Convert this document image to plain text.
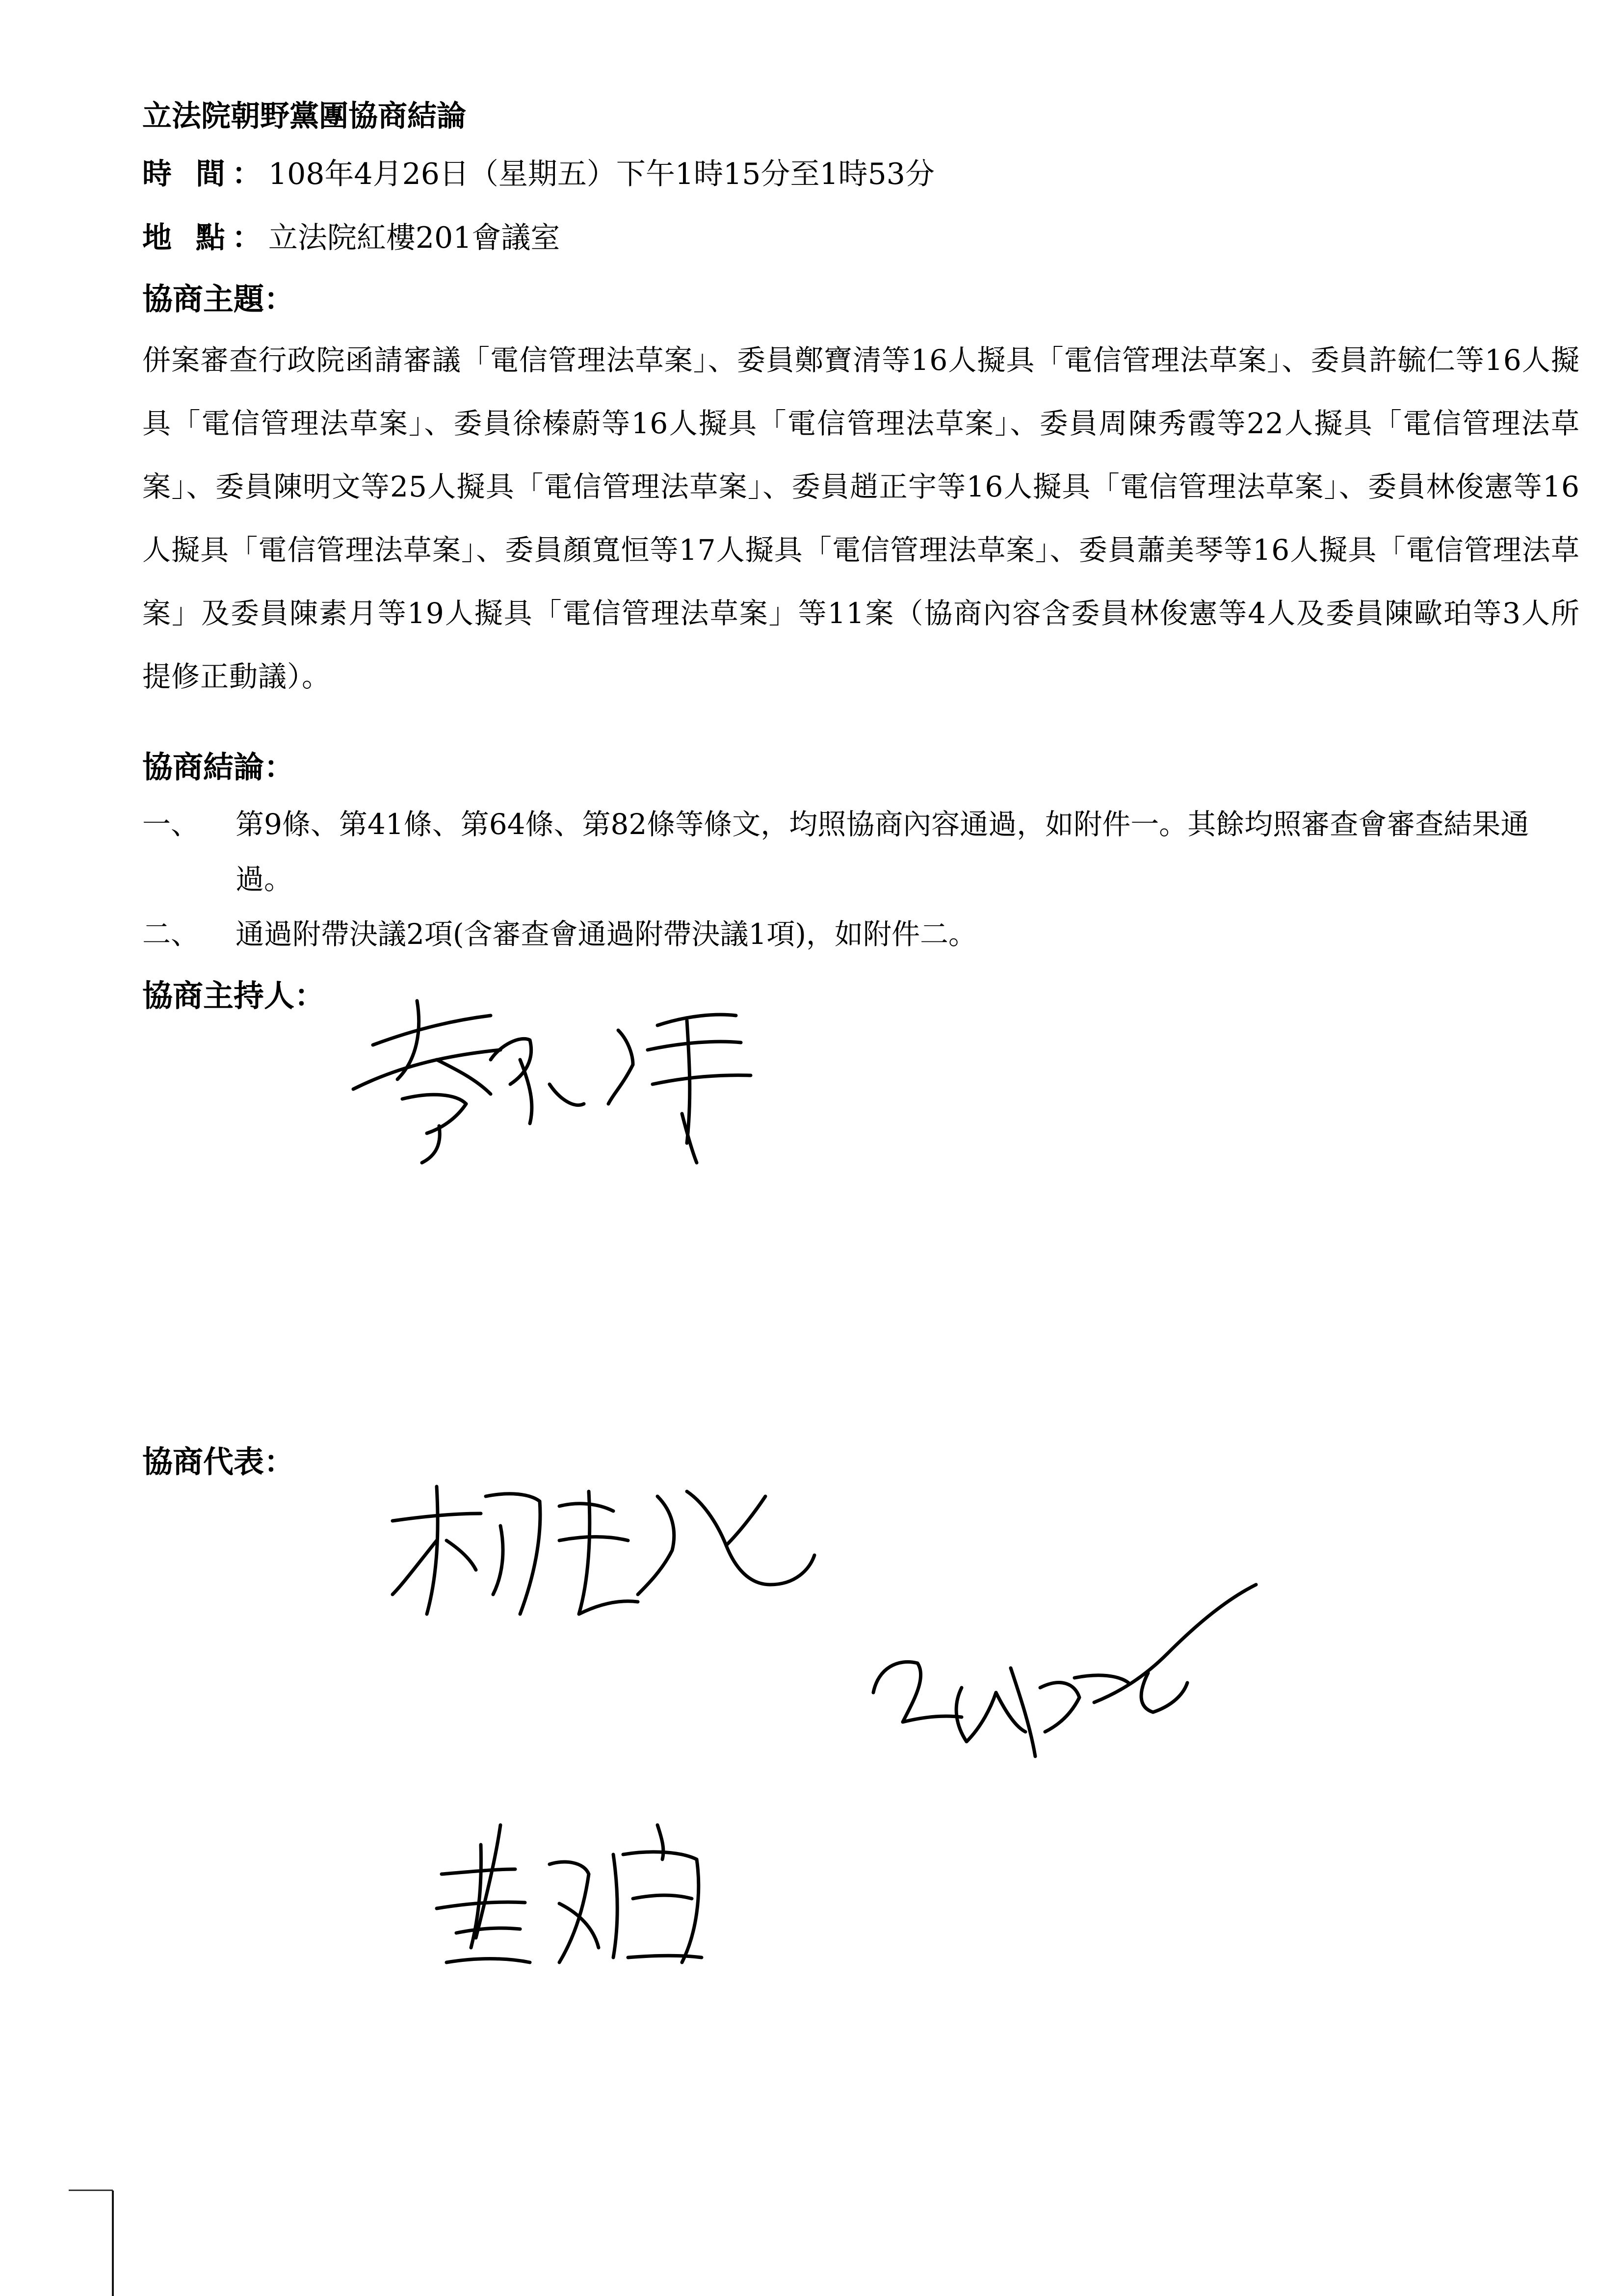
立法院朝野黨團協商結論
時 間：108年4月26日（星期五）下午1時15分至1時53分
地 點：立法院紅樓201會議室
協商主題：

併案審查行政院函請審議「電信管理法草案」、委員鄭寶清等16人擬具「電信管理法草案」、委員許毓仁等16人擬具「電信管理法草案」、委員徐榛蔚等16人擬具「電信管理法草案」、委員周陳秀霞等22人擬具「電信管理法草案」、委員陳明文等25人擬具「電信管理法草案」、委員趙正宇等16人擬具「電信管理法草案」、委員林俊憲等16人擬具「電信管理法草案」、委員顏寬恒等17人擬具「電信管理法草案」、委員蕭美琴等16人擬具「電信管理法草案」及委員陳素月等19人擬具「電信管理法草案」等11案（協商內容含委員林俊憲等4人及委員陳歐珀等3人所提修正動議）。

協商結論：
一、	第9條、第41條、第64條、第82條等條文，均照協商內容通過，如附件一。其餘均照審查會審查結果通過。
二、	通過附帶決議2項(含審查會通過附帶決議1項)，如附件二。
協商主持人：
協商代表：
